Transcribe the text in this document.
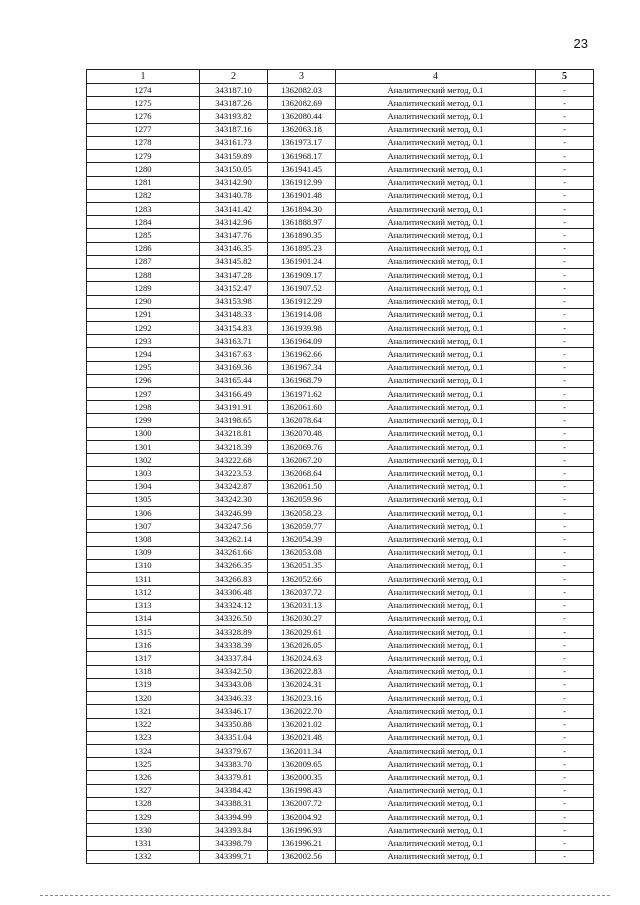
23
1	2	3	4	5
1274	343187.10	1362082.03	Аналитический метод, 0.1	-
1275	343187.26	1362082.69	Аналитический метод, 0.1	-
1276	343193.82	1362080.44	Аналитический метод, 0.1	-
1277	343187.16	1362063.18	Аналитический метод, 0.1	-
1278	343161.73	1361973.17	Аналитический метод, 0.1	-
1279	343159.89	1361968.17	Аналитический метод, 0.1	-
1280	343150.05	1361941.45	Аналитический метод, 0.1	-
1281	343142.90	1361912.99	Аналитический метод, 0.1	-
1282	343140.78	1361901.48	Аналитический метод, 0.1	-
1283	343141.42	1361894.30	Аналитический метод, 0.1	-
1284	343142.96	1361888.97	Аналитический метод, 0.1	-
1285	343147.76	1361890.35	Аналитический метод, 0.1	-
1286	343146.35	1361895.23	Аналитический метод, 0.1	-
1287	343145.82	1361901.24	Аналитический метод, 0.1	-
1288	343147.28	1361909.17	Аналитический метод, 0.1	-
1289	343152.47	1361907.52	Аналитический метод, 0.1	-
1290	343153.98	1361912.29	Аналитический метод, 0.1	-
1291	343148.33	1361914.08	Аналитический метод, 0.1	-
1292	343154.83	1361939.98	Аналитический метод, 0.1	-
1293	343163.71	1361964.09	Аналитический метод, 0.1	-
1294	343167.63	1361962.66	Аналитический метод, 0.1	-
1295	343169.36	1361967.34	Аналитический метод, 0.1	-
1296	343165.44	1361968.79	Аналитический метод, 0.1	-
1297	343166.49	1361971.62	Аналитический метод, 0.1	-
1298	343191.91	1362061.60	Аналитический метод, 0.1	-
1299	343198.65	1362078.64	Аналитический метод, 0.1	-
1300	343218.81	1362070.48	Аналитический метод, 0.1	-
1301	343218.39	1362069.76	Аналитический метод, 0.1	-
1302	343222.68	1362067.20	Аналитический метод, 0.1	-
1303	343223.53	1362068.64	Аналитический метод, 0.1	-
1304	343242.87	1362061.50	Аналитический метод, 0.1	-
1305	343242.30	1362059.96	Аналитический метод, 0.1	-
1306	343246.99	1362058.23	Аналитический метод, 0.1	-
1307	343247.56	1362059.77	Аналитический метод, 0.1	-
1308	343262.14	1362054.39	Аналитический метод, 0.1	-
1309	343261.66	1362053.08	Аналитический метод, 0.1	-
1310	343266.35	1362051.35	Аналитический метод, 0.1	-
1311	343266.83	1362052.66	Аналитический метод, 0.1	-
1312	343306.48	1362037.72	Аналитический метод, 0.1	-
1313	343324.12	1362031.13	Аналитический метод, 0.1	-
1314	343326.50	1362030.27	Аналитический метод, 0.1	-
1315	343328.89	1362029.61	Аналитический метод, 0.1	-
1316	343338.39	1362026.05	Аналитический метод, 0.1	-
1317	343337.84	1362024.63	Аналитический метод, 0.1	-
1318	343342.50	1362022.83	Аналитический метод, 0.1	-
1319	343343.08	1362024.31	Аналитический метод, 0.1	-
1320	343346.33	1362023.16	Аналитический метод, 0.1	-
1321	343346.17	1362022.70	Аналитический метод, 0.1	-
1322	343350.88	1362021.02	Аналитический метод, 0.1	-
1323	343351.04	1362021.48	Аналитический метод, 0.1	-
1324	343379.67	1362011.34	Аналитический метод, 0.1	-
1325	343383.70	1362009.65	Аналитический метод, 0.1	-
1326	343379.81	1362000.35	Аналитический метод, 0.1	-
1327	343384.42	1361998.43	Аналитический метод, 0.1	-
1328	343388.31	1362007.72	Аналитический метод, 0.1	-
1329	343394.99	1362004.92	Аналитический метод, 0.1	-
1330	343393.84	1361996.93	Аналитический метод, 0.1	-
1331	343398.79	1361996.21	Аналитический метод, 0.1	-
1332	343399.71	1362002.56	Аналитический метод, 0.1	-
